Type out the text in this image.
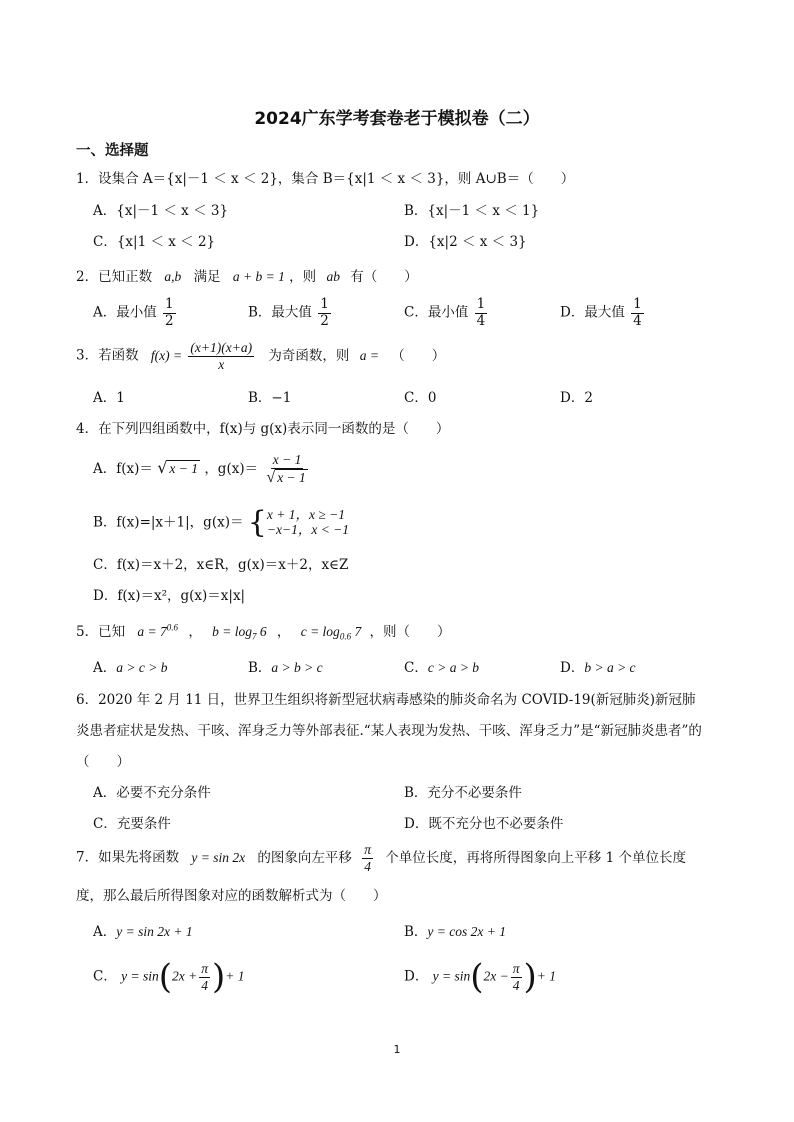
2024广东学考套卷老于模拟卷（二）
一、选择题
1．设集合 A＝{x|－1 ＜ x ＜ 2}，集合 B＝{x|1 ＜ x ＜ 3}，则 A∪B＝（　　）
A．{x|－1 ＜ x ＜ 3}	B．{x|－1 ＜ x ＜ 1}
C．{x|1 ＜ x ＜ 2}	D．{x|2 ＜ x ＜ 3}
2．已知正数 a,b 满足 a + b = 1 ，则 ab 有（　　）
A．最小值 $\frac{1}{2}$	B．最大值 $\frac{1}{2}$	C．最小值 $\frac{1}{4}$	D．最大值 $\frac{1}{4}$
3．若函数 $f(x) = \frac{(x+1)(x+a)}{x}$ 为奇函数，则 a = （　　）
A．1	B．−1	C．0	D．2
4．在下列四组函数中，f(x)与 g(x)表示同一函数的是（　　）
A．f(x)＝ √ x − 1 ，$g(x)= \frac{x - 1}{√ x - 1}$
B．f(x)=|x＋1|，g(x)＝ { x + 1，x ≥ −1
−x−1，x < −1
C．f(x)＝x＋2，x∈R，g(x)＝x＋2，x∈Z
D．f(x)＝x²，g(x)＝x|x|
5．已知 $a = 7^{0.6}$ ， $b = \log_7 6$ ， $c = \log_{0.6} 7$ ，则（　　）
A．a > c > b	B．a > b > c	C．c > a > b	D．b > a > c
6．2020 年 2 月 11 日，世界卫生组织将新型冠状病毒感染的肺炎命名为 COVID-19(新冠肺炎)新冠肺
炎患者症状是发热、干咳、浑身乏力等外部表征.“某人表现为发热、干咳、浑身乏力”是“新冠肺炎患者”的
（　　）
A．必要不充分条件	B．充分不必要条件
C．充要条件	D．既不充分也不必要条件
7．如果先将函数 y = sin 2x 的图象向左平移 $\frac{\pi}{4}$ 个单位长度，再将所得图象向上平移 1 个单位长度
度，那么最后所得图象对应的函数解析式为（　　）
A．y = sin 2x + 1	B．y = cos 2x + 1
C． $y = \sin(2x + \frac{\pi}{4}$ )+ 1	D． $y = \sin(2x - \frac{\pi}{4}$ )+ 1
1
